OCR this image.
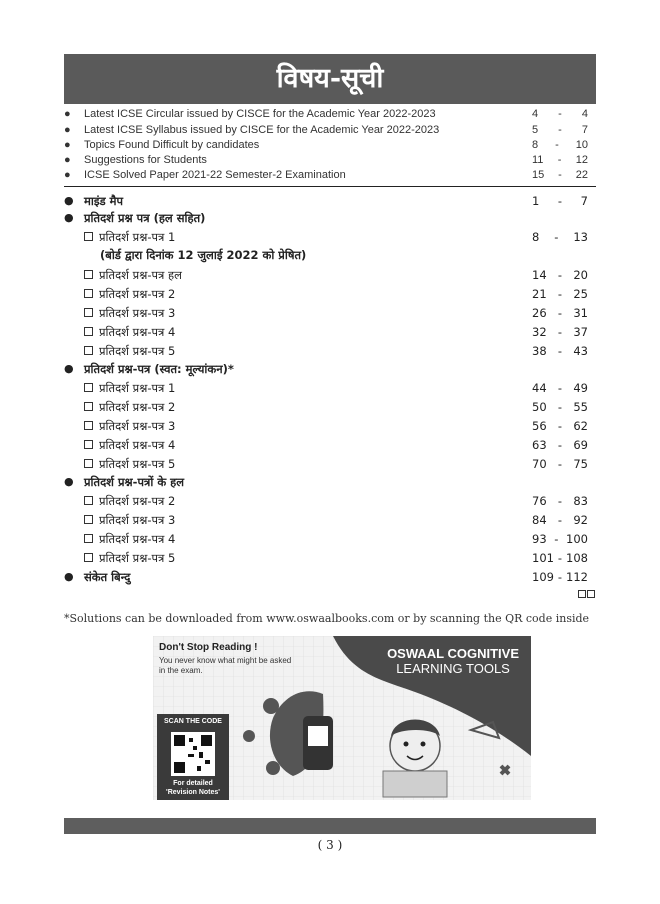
विषय-सूची
● Latest ICSE Circular issued by CISCE for the Academic Year 2022-2023	4	-	4
● Latest ICSE Syllabus issued by CISCE for the Academic Year 2022-2023	5	-	7
● Topics Found Difficult by candidates	8	-	10
● Suggestions for Students	11	-	12
● ICSE Solved Paper 2021-22 Semester-2 Examination	15	-	22
● माइंड मैप	1	-	7
● प्रतिदर्श प्रश्न पत्र (हल सहित)
प्रतिदर्श प्रश्न-पत्र 1	8	-	13
(बोर्ड द्वारा दिनांक 12 जुलाई 2022 को प्रेषित)
प्रतिदर्श प्रश्न-पत्र हल	14 - 20
प्रतिदर्श प्रश्न-पत्र 2	21 - 25
प्रतिदर्श प्रश्न-पत्र 3	26 - 31
प्रतिदर्श प्रश्न-पत्र 4	32 - 37
प्रतिदर्श प्रश्न-पत्र 5	38 - 43
● प्रतिदर्श प्रश्न-पत्र (स्वत: मूल्यांकन)*
प्रतिदर्श प्रश्न-पत्र 1	44 - 49
प्रतिदर्श प्रश्न-पत्र 2	50 - 55
प्रतिदर्श प्रश्न-पत्र 3	56 - 62
प्रतिदर्श प्रश्न-पत्र 4	63 - 69
प्रतिदर्श प्रश्न-पत्र 5	70 - 75
● प्रतिदर्श प्रश्न-पत्रों के हल
प्रतिदर्श प्रश्न-पत्र 2	76 - 83
प्रतिदर्श प्रश्न-पत्र 3	84 - 92
प्रतिदर्श प्रश्न-पत्र 4	93 - 100
प्रतिदर्श प्रश्न-पत्र 5	101 - 108
● संकेत बिन्दु	109 - 112
*Solutions can be downloaded from www.oswaalbooks.com or by scanning the QR code inside
Don't Stop Reading !
You never know what might be asked
in the exam.
OSWAAL COGNITIVE
LEARNING TOOLS
SCAN THE CODE
For detailed
'Revision Notes'
( 3 )
